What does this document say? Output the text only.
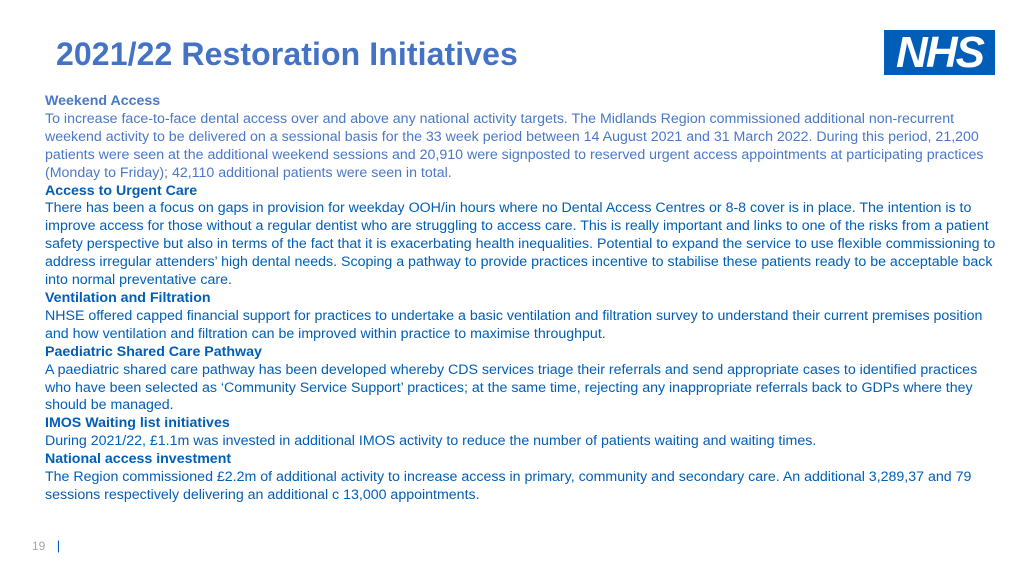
2021/22 Restoration Initiatives	NHS

Weekend Access

To increase face-to-face dental access over and above any national activity targets. The Midlands Region commissioned additional non-recurrent weekend activity to be delivered on a sessional basis for the 33 week period between 14 August 2021 and 31 March 2022. During this period, 21,200 patients were seen at the additional weekend sessions and 20,910 were signposted to reserved urgent access appointments at participating practices (Monday to Friday); 42,110 additional patients were seen in total.

Access to Urgent Care

There has been a focus on gaps in provision for weekday OOH/in hours where no Dental Access Centres or 8-8 cover is in place. The intention is to improve access for those without a regular dentist who are struggling to access care. This is really important and links to one of the risks from a patient safety perspective but also in terms of the fact that it is exacerbating health inequalities. Potential to expand the service to use flexible commissioning to address irregular attenders’ high dental needs. Scoping a pathway to provide practices incentive to stabilise these patients ready to be acceptable back into normal preventative care.

Ventilation and Filtration

NHSE offered capped financial support for practices to undertake a basic ventilation and filtration survey to understand their current premises position and how ventilation and filtration can be improved within practice to maximise throughput.

Paediatric Shared Care Pathway

A paediatric shared care pathway has been developed whereby CDS services triage their referrals and send appropriate cases to identified practices who have been selected as ‘Community Service Support’ practices; at the same time, rejecting any inappropriate referrals back to GDPs where they should be managed.

IMOS Waiting list initiatives

During 2021/22, £1.1m was invested in additional IMOS activity to reduce the number of patients waiting and waiting times.

National access investment

The Region commissioned £2.2m of additional activity to increase access in primary, community and secondary care. An additional 3,289,37 and 79 sessions respectively delivering an additional c 13,000 appointments.

19 |
